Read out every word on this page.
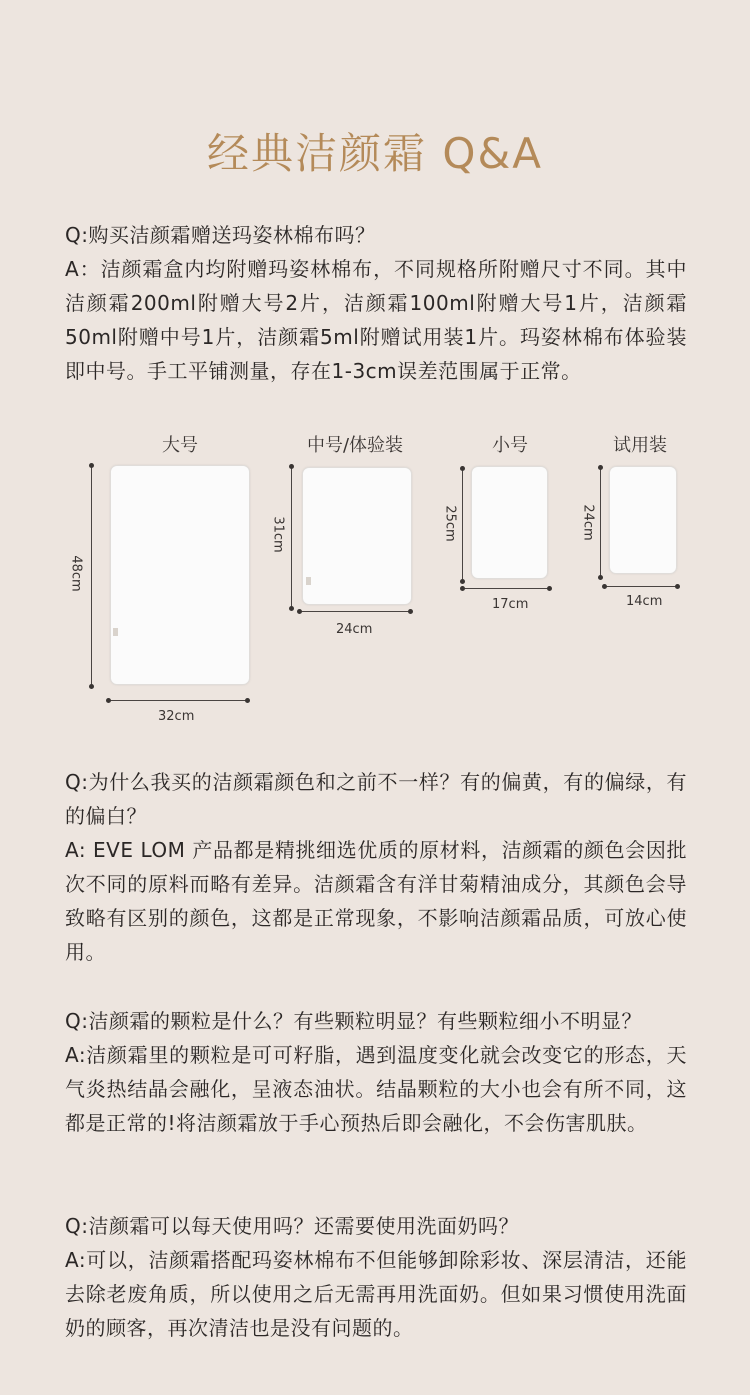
经典洁颜霜 Q&A

Q:购买洁颜霜赠送玛姿林棉布吗？

A：洁颜霜盒内均附赠玛姿林棉布，不同规格所附赠尺寸不同。其中洁颜霜200ml附赠大号2片，洁颜霜100ml附赠大号1片，洁颜霜50ml附赠中号1片，洁颜霜5ml附赠试用装1片。玛姿林棉布体验装即中号。手工平铺测量，存在1-3cm误差范围属于正常。

大号
48cm
32cm
中号/体验装
31cm
24cm
小号
25cm
17cm
试用装
24cm
14cm

Q:为什么我买的洁颜霜颜色和之前不一样？有的偏黄，有的偏绿，有的偏白？

A: EVE LOM 产品都是精挑细选优质的原材料，洁颜霜的颜色会因批次不同的原料而略有差异。洁颜霜含有洋甘菊精油成分，其颜色会导致略有区别的颜色，这都是正常现象，不影响洁颜霜品质，可放心使用。

Q:洁颜霜的颗粒是什么？有些颗粒明显？有些颗粒细小不明显？

A:洁颜霜里的颗粒是可可籽脂，遇到温度变化就会改变它的形态，天气炎热结晶会融化，呈液态油状。结晶颗粒的大小也会有所不同，这都是正常的!将洁颜霜放于手心预热后即会融化，不会伤害肌肤。

Q:洁颜霜可以每天使用吗？还需要使用洗面奶吗？

A:可以，洁颜霜搭配玛姿林棉布不但能够卸除彩妆、深层清洁，还能去除老废角质，所以使用之后无需再用洗面奶。但如果习惯使用洗面奶的顾客，再次清洁也是没有问题的。
